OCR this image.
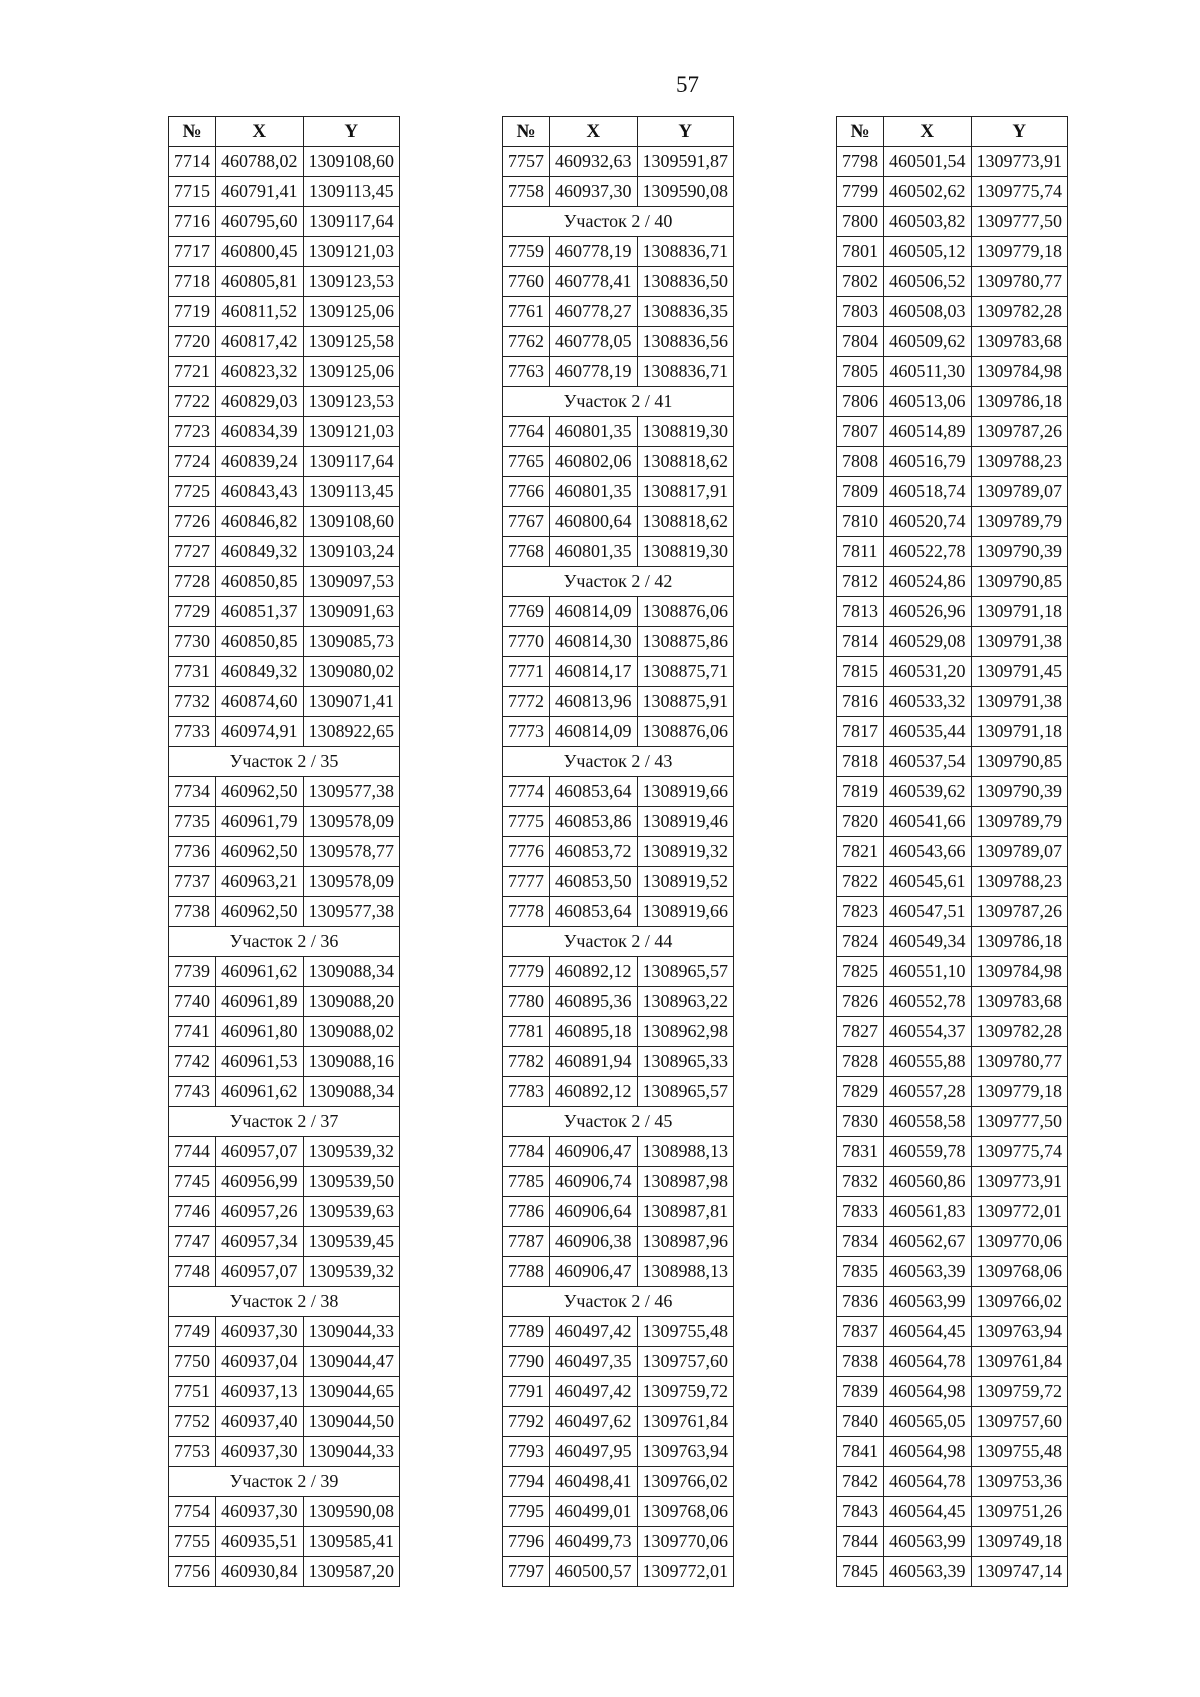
57
№	X	Y
7714	460788,02	1309108,60
7715	460791,41	1309113,45
7716	460795,60	1309117,64
7717	460800,45	1309121,03
7718	460805,81	1309123,53
7719	460811,52	1309125,06
7720	460817,42	1309125,58
7721	460823,32	1309125,06
7722	460829,03	1309123,53
7723	460834,39	1309121,03
7724	460839,24	1309117,64
7725	460843,43	1309113,45
7726	460846,82	1309108,60
7727	460849,32	1309103,24
7728	460850,85	1309097,53
7729	460851,37	1309091,63
7730	460850,85	1309085,73
7731	460849,32	1309080,02
7732	460874,60	1309071,41
7733	460974,91	1308922,65
Участок 2 / 35		
7734	460962,50	1309577,38
7735	460961,79	1309578,09
7736	460962,50	1309578,77
7737	460963,21	1309578,09
7738	460962,50	1309577,38
Участок 2 / 36		
7739	460961,62	1309088,34
7740	460961,89	1309088,20
7741	460961,80	1309088,02
7742	460961,53	1309088,16
7743	460961,62	1309088,34
Участок 2 / 37		
7744	460957,07	1309539,32
7745	460956,99	1309539,50
7746	460957,26	1309539,63
7747	460957,34	1309539,45
7748	460957,07	1309539,32
Участок 2 / 38		
7749	460937,30	1309044,33
7750	460937,04	1309044,47
7751	460937,13	1309044,65
7752	460937,40	1309044,50
7753	460937,30	1309044,33
Участок 2 / 39		
7754	460937,30	1309590,08
7755	460935,51	1309585,41
7756	460930,84	1309587,20
№	X	Y
7757	460932,63	1309591,87
7758	460937,30	1309590,08
Участок 2 / 40		
7759	460778,19	1308836,71
7760	460778,41	1308836,50
7761	460778,27	1308836,35
7762	460778,05	1308836,56
7763	460778,19	1308836,71
Участок 2 / 41		
7764	460801,35	1308819,30
7765	460802,06	1308818,62
7766	460801,35	1308817,91
7767	460800,64	1308818,62
7768	460801,35	1308819,30
Участок 2 / 42		
7769	460814,09	1308876,06
7770	460814,30	1308875,86
7771	460814,17	1308875,71
7772	460813,96	1308875,91
7773	460814,09	1308876,06
Участок 2 / 43		
7774	460853,64	1308919,66
7775	460853,86	1308919,46
7776	460853,72	1308919,32
7777	460853,50	1308919,52
7778	460853,64	1308919,66
Участок 2 / 44		
7779	460892,12	1308965,57
7780	460895,36	1308963,22
7781	460895,18	1308962,98
7782	460891,94	1308965,33
7783	460892,12	1308965,57
Участок 2 / 45		
7784	460906,47	1308988,13
7785	460906,74	1308987,98
7786	460906,64	1308987,81
7787	460906,38	1308987,96
7788	460906,47	1308988,13
Участок 2 / 46		
7789	460497,42	1309755,48
7790	460497,35	1309757,60
7791	460497,42	1309759,72
7792	460497,62	1309761,84
7793	460497,95	1309763,94
7794	460498,41	1309766,02
7795	460499,01	1309768,06
7796	460499,73	1309770,06
7797	460500,57	1309772,01
№	X	Y
7798	460501,54	1309773,91
7799	460502,62	1309775,74
7800	460503,82	1309777,50
7801	460505,12	1309779,18
7802	460506,52	1309780,77
7803	460508,03	1309782,28
7804	460509,62	1309783,68
7805	460511,30	1309784,98
7806	460513,06	1309786,18
7807	460514,89	1309787,26
7808	460516,79	1309788,23
7809	460518,74	1309789,07
7810	460520,74	1309789,79
7811	460522,78	1309790,39
7812	460524,86	1309790,85
7813	460526,96	1309791,18
7814	460529,08	1309791,38
7815	460531,20	1309791,45
7816	460533,32	1309791,38
7817	460535,44	1309791,18
7818	460537,54	1309790,85
7819	460539,62	1309790,39
7820	460541,66	1309789,79
7821	460543,66	1309789,07
7822	460545,61	1309788,23
7823	460547,51	1309787,26
7824	460549,34	1309786,18
7825	460551,10	1309784,98
7826	460552,78	1309783,68
7827	460554,37	1309782,28
7828	460555,88	1309780,77
7829	460557,28	1309779,18
7830	460558,58	1309777,50
7831	460559,78	1309775,74
7832	460560,86	1309773,91
7833	460561,83	1309772,01
7834	460562,67	1309770,06
7835	460563,39	1309768,06
7836	460563,99	1309766,02
7837	460564,45	1309763,94
7838	460564,78	1309761,84
7839	460564,98	1309759,72
7840	460565,05	1309757,60
7841	460564,98	1309755,48
7842	460564,78	1309753,36
7843	460564,45	1309751,26
7844	460563,99	1309749,18
7845	460563,39	1309747,14
